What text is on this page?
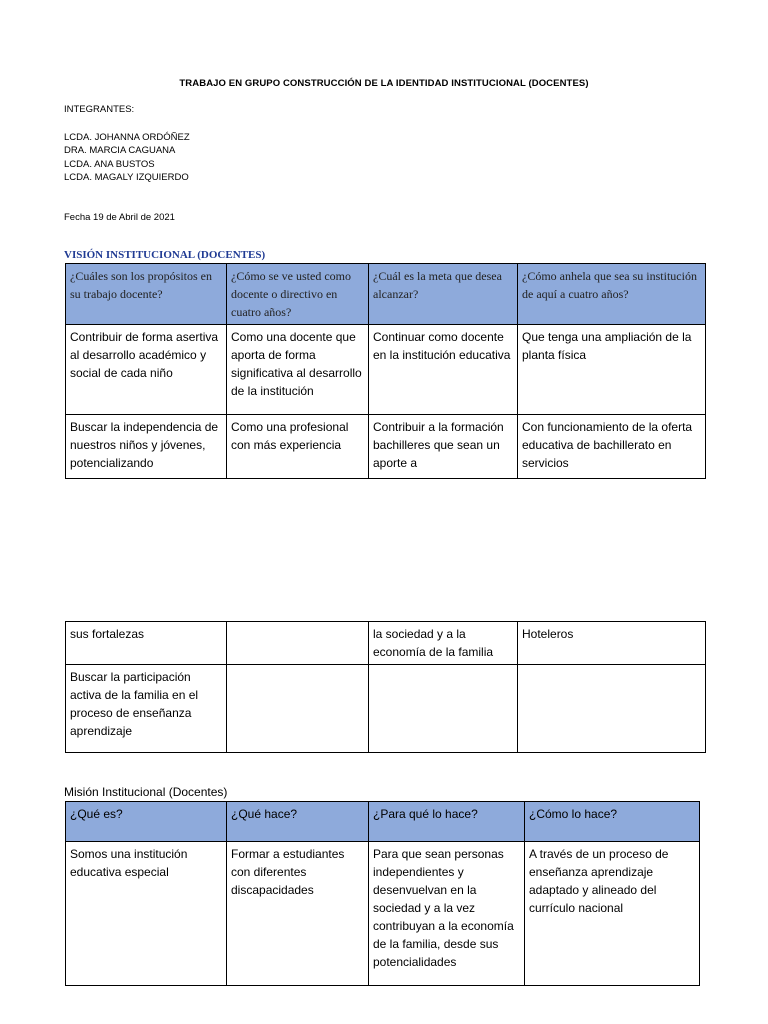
TRABAJO EN GRUPO CONSTRUCCIÓN DE LA IDENTIDAD INSTITUCIONAL (DOCENTES)
INTEGRANTES:
LCDA. JOHANNA ORDÓÑEZ
DRA. MARCIA CAGUANA
LCDA. ANA BUSTOS
LCDA. MAGALY IZQUIERDO
Fecha 19 de Abril de 2021
VISIÓN INSTITUCIONAL (DOCENTES)
¿Cuáles son los propósitos en su trabajo docente?	¿Cómo se ve usted como docente o directivo en cuatro años?	¿Cuál es la meta que desea alcanzar?	¿Cómo anhela que sea su institución de aquí a cuatro años?
Contribuir de forma asertiva al desarrollo académico y social de cada niño	Como una docente que aporta de forma significativa al desarrollo de la institución	Continuar como docente en la institución educativa	Que tenga una ampliación de la planta física
Buscar la independencia de nuestros niños y jóvenes, potencializando	Como una profesional con más experiencia	Contribuir a la formación bachilleres que sean un aporte a	Con funcionamiento de la oferta educativa de bachillerato en servicios
sus fortalezas		la sociedad y a la economía de la familia	Hoteleros
Buscar la participación activa de la familia en el proceso de enseñanza aprendizaje			
Misión Institucional (Docentes)
¿Qué es?	¿Qué hace?	¿Para qué lo hace?	¿Cómo lo hace?
Somos una institución educativa especial	Formar a estudiantes con diferentes discapacidades	Para que sean personas independientes y desenvuelvan en la sociedad y a la vez contribuyan a la economía de la familia, desde sus potencialidades	A través de un proceso de enseñanza aprendizaje adaptado y alineado del currículo nacional
